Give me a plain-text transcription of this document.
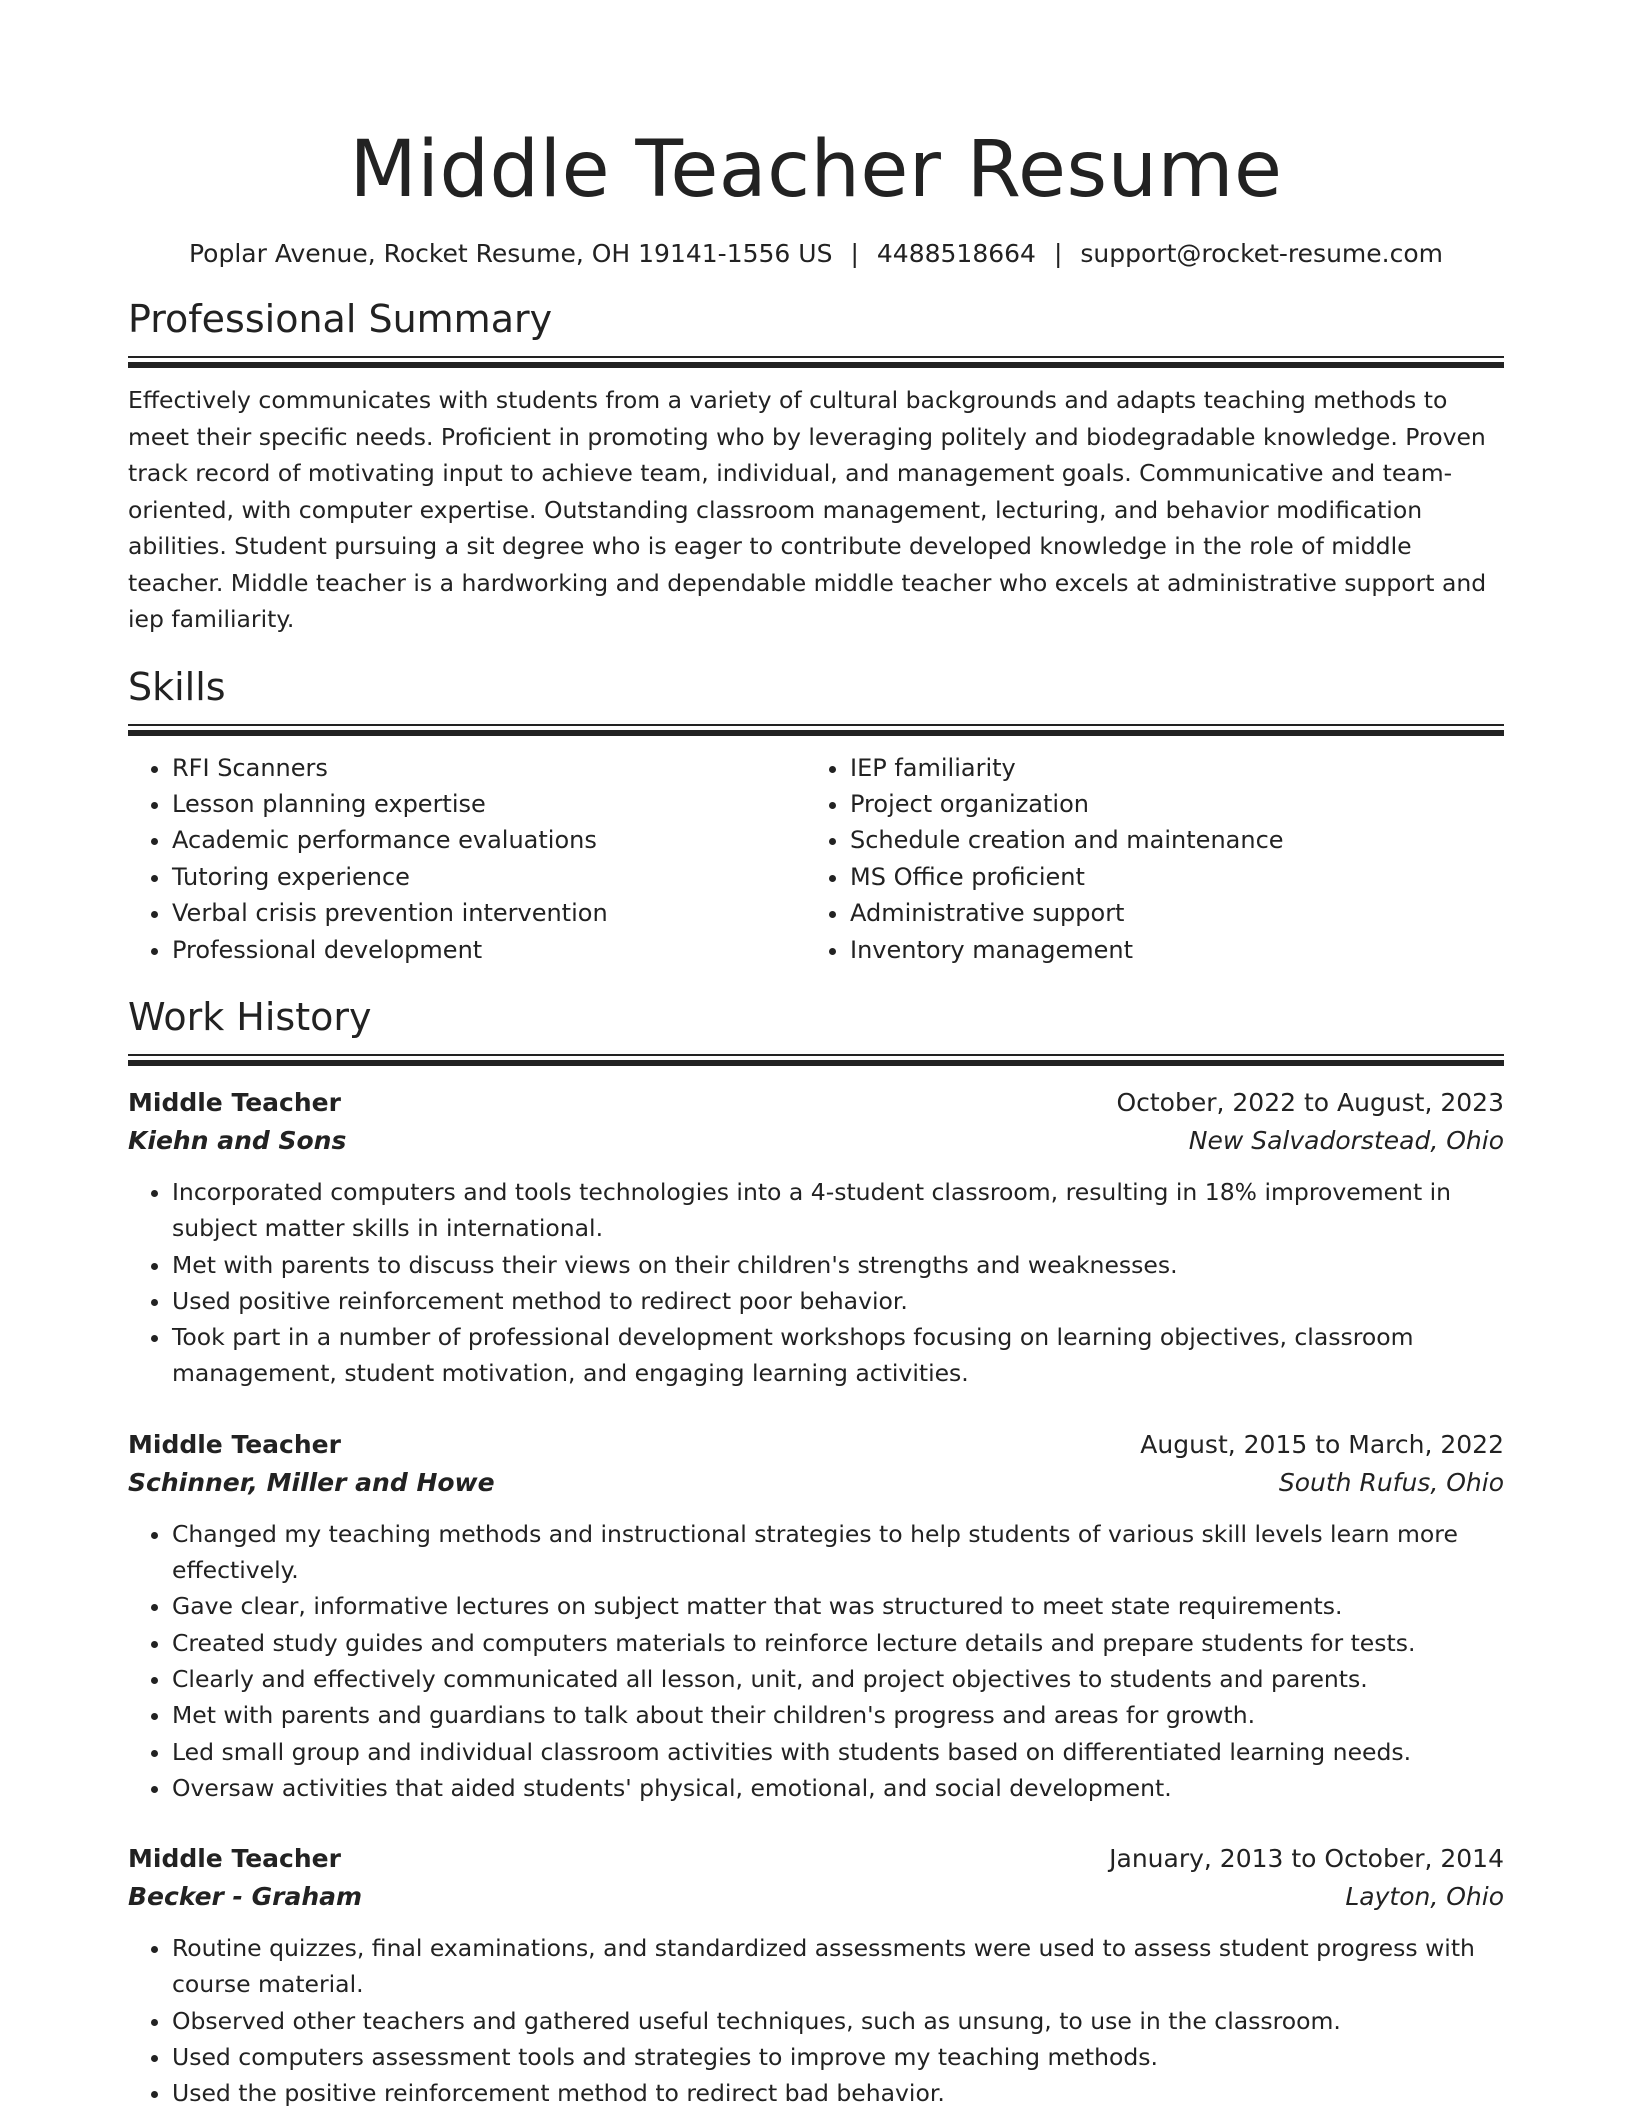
Middle Teacher Resume
Poplar Avenue, Rocket Resume, OH 19141-1556 US | 4488518664 | support@rocket-resume.com
Professional Summary
Effectively communicates with students from a variety of cultural backgrounds and adapts teaching methods to meet their specific needs. Proficient in promoting who by leveraging politely and biodegradable knowledge. Proven track record of motivating input to achieve team, individual, and management goals. Communicative and team-oriented, with computer expertise. Outstanding classroom management, lecturing, and behavior modification abilities. Student pursuing a sit degree who is eager to contribute developed knowledge in the role of middle teacher. Middle teacher is a hardworking and dependable middle teacher who excels at administrative support and iep familiarity.
Skills
• RFI Scanners
• Lesson planning expertise
• Academic performance evaluations
• Tutoring experience
• Verbal crisis prevention intervention
• Professional development
• IEP familiarity
• Project organization
• Schedule creation and maintenance
• MS Office proficient
• Administrative support
• Inventory management
Work History
Middle Teacher	October, 2022 to August, 2023
Kiehn and Sons	New Salvadorstead, Ohio
• Incorporated computers and tools technologies into a 4-student classroom, resulting in 18% improvement in subject matter skills in international.
• Met with parents to discuss their views on their children's strengths and weaknesses.
• Used positive reinforcement method to redirect poor behavior.
• Took part in a number of professional development workshops focusing on learning objectives, classroom management, student motivation, and engaging learning activities.
Middle Teacher	August, 2015 to March, 2022
Schinner, Miller and Howe	South Rufus, Ohio
• Changed my teaching methods and instructional strategies to help students of various skill levels learn more effectively.
• Gave clear, informative lectures on subject matter that was structured to meet state requirements.
• Created study guides and computers materials to reinforce lecture details and prepare students for tests.
• Clearly and effectively communicated all lesson, unit, and project objectives to students and parents.
• Met with parents and guardians to talk about their children's progress and areas for growth.
• Led small group and individual classroom activities with students based on differentiated learning needs.
• Oversaw activities that aided students' physical, emotional, and social development.
Middle Teacher	January, 2013 to October, 2014
Becker - Graham	Layton, Ohio
• Routine quizzes, final examinations, and standardized assessments were used to assess student progress with course material.
• Observed other teachers and gathered useful techniques, such as unsung, to use in the classroom.
• Used computers assessment tools and strategies to improve my teaching methods.
• Used the positive reinforcement method to redirect bad behavior.
